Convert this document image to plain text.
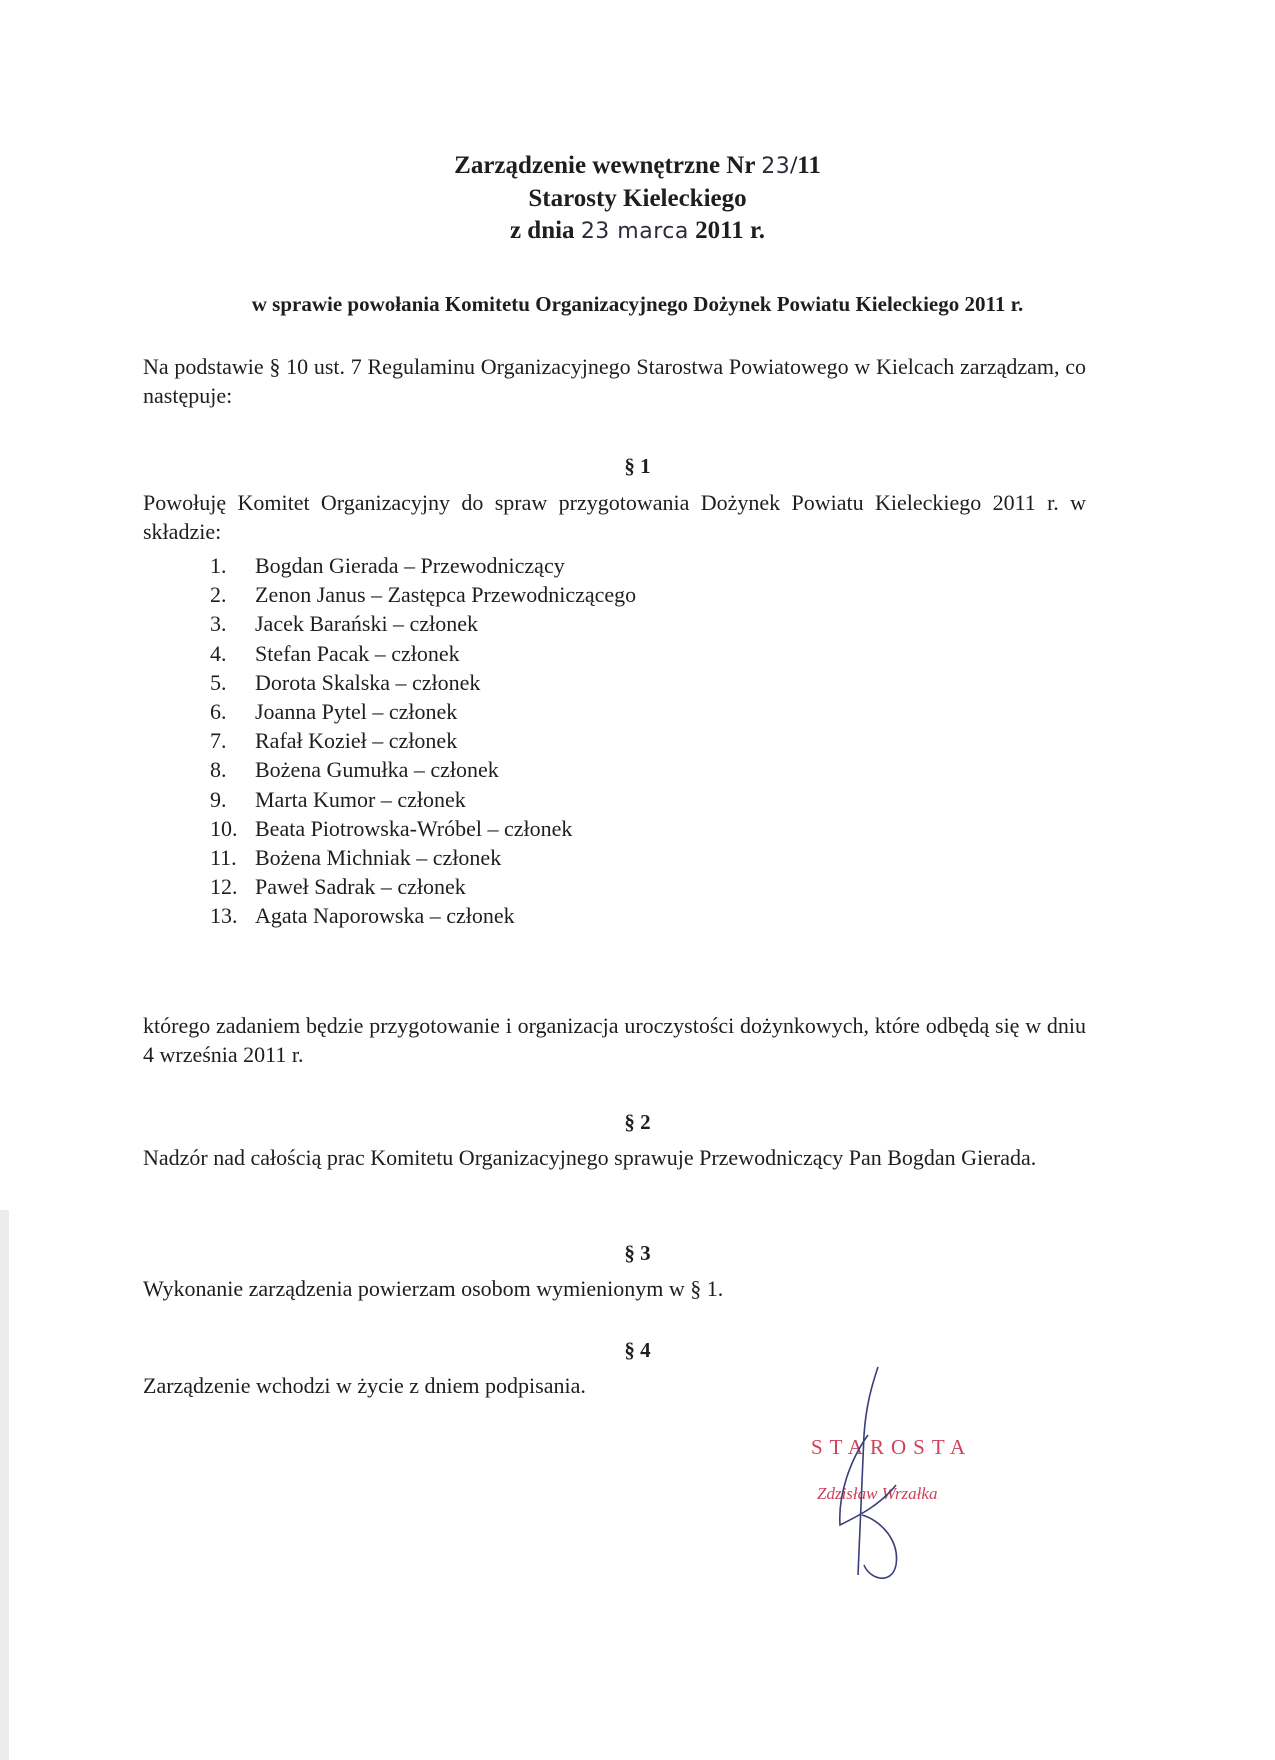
Zarządzenie wewnętrzne Nr 23/11
Starosty Kieleckiego
z dnia 23 marca 2011 r.
w sprawie powołania Komitetu Organizacyjnego Dożynek Powiatu Kieleckiego 2011 r.
Na podstawie § 10 ust. 7 Regulaminu Organizacyjnego Starostwa Powiatowego w Kielcach zarządzam, co następuje:
§ 1
Powołuję Komitet Organizacyjny do spraw przygotowania Dożynek Powiatu Kieleckiego 2011 r. w składzie:
1.	Bogdan Gierada – Przewodniczący
2.	Zenon Janus – Zastępca Przewodniczącego
3.	Jacek Barański – członek
4.	Stefan Pacak – członek
5.	Dorota Skalska – członek
6.	Joanna Pytel – członek
7.	Rafał Kozieł – członek
8.	Bożena Gumułka – członek
9.	Marta Kumor – członek
10. Beata Piotrowska-Wróbel – członek
11. Bożena Michniak – członek
12. Paweł Sadrak – członek
13. Agata Naporowska – członek
którego zadaniem będzie przygotowanie i organizacja uroczystości dożynkowych, które odbędą się w dniu 4 września 2011 r.
§ 2
Nadzór nad całością prac Komitetu Organizacyjnego sprawuje Przewodniczący Pan Bogdan Gierada.
§ 3
Wykonanie zarządzenia powierzam osobom wymienionym w § 1.
§ 4
Zarządzenie wchodzi w życie z dniem podpisania.
STAROSTA
Zdzisław Wrzałka
